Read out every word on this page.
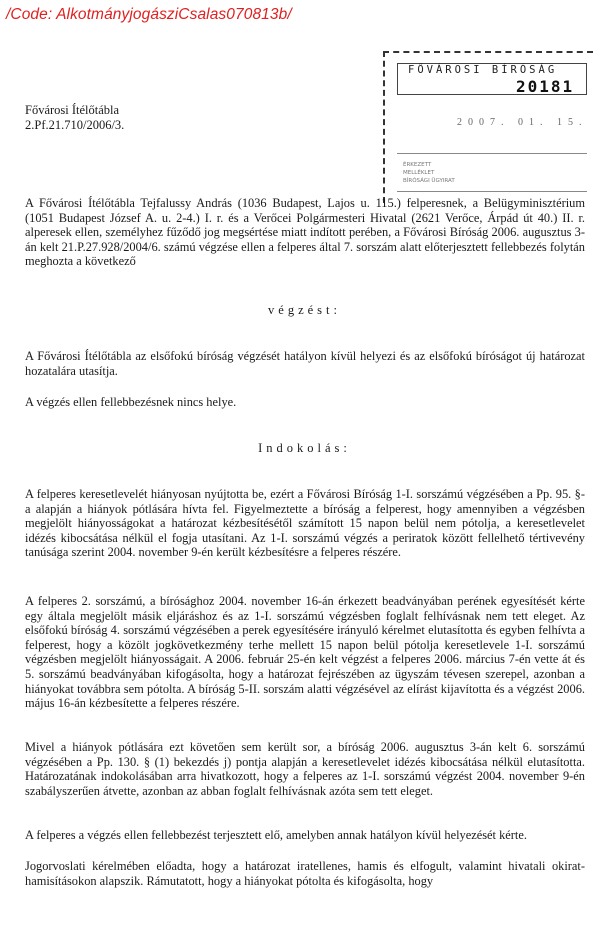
/Code: AlkotmányjogásziCsalas070813b/
FŐVÁROSI BÍRÓSÁG
20181
2007. 01. 15.
ÉRKEZETT
MELLÉKLET
BÍRÓSÁGI ÜGYIRAT
Fővárosi Ítélőtábla
2.Pf.21.710/2006/3.

A Fővárosi Ítélőtábla Tejfalussy András (1036 Budapest, Lajos u. 115.) felperesnek, a Belügyminisztérium (1051 Budapest József A. u. 2-4.) I. r. és a Verőcei Polgármesteri Hivatal (2621 Verőce, Árpád út 40.) II. r. alperesek ellen, személyhez fűződő jog megsértése miatt indított perében, a Fővárosi Bíróság 2006. augusztus 3-án kelt 21.P.27.928/2004/6. számú végzése ellen a felperes által 7. sorszám alatt előterjesztett fellebbezés folytán meghozta a következő

végzést:

A Fővárosi Ítélőtábla az elsőfokú bíróság végzését hatályon kívül helyezi és az elsőfokú bíróságot új határozat hozatalára utasítja.

A végzés ellen fellebbezésnek nincs helye.

Indokolás:

A felperes keresetlevelét hiányosan nyújtotta be, ezért a Fővárosi Bíróság 1-I. sorszámú végzésében a Pp. 95. §-a alapján a hiányok pótlására hívta fel. Figyelmeztette a bíróság a felperest, hogy amennyiben a végzésben megjelölt hiányosságokat a határozat kézbesítésétől számított 15 napon belül nem pótolja, a keresetlevelet idézés kibocsátása nélkül el fogja utasítani. Az 1-I. sorszámú végzés a periratok között fellelhető tértivevény tanúsága szerint 2004. november 9-én került kézbesítésre a felperes részére.

A felperes 2. sorszámú, a bírósághoz 2004. november 16-án érkezett beadványában perének egyesítését kérte egy általa megjelölt másik eljáráshoz és az 1-I. sorszámú végzésben foglalt felhívásnak nem tett eleget. Az elsőfokú bíróság 4. sorszámú végzésében a perek egyesítésére irányuló kérelmet elutasította és egyben felhívta a felperest, hogy a közölt jogkövetkezmény terhe mellett 15 napon belül pótolja keresetlevele 1-I. sorszámú végzésben megjelölt hiányosságait. A 2006. február 25-én kelt végzést a felperes 2006. március 7-én vette át és 5. sorszámú beadványában kifogásolta, hogy a határozat fejrészében az ügyszám tévesen szerepel, azonban a hiányokat továbbra sem pótolta. A bíróság 5-II. sorszám alatti végzésével az elírást kijavította és a végzést 2006. május 16-án kézbesítette a felperes részére.

Mivel a hiányok pótlására ezt követően sem került sor, a bíróság 2006. augusztus 3-án kelt 6. sorszámú végzésében a Pp. 130. § (1) bekezdés j) pontja alapján a keresetlevelet idézés kibocsátása nélkül elutasította. Határozatának indokolásában arra hivatkozott, hogy a felperes az 1-I. sorszámú végzést 2004. november 9-én szabályszerűen átvette, azonban az abban foglalt felhívásnak azóta sem tett eleget.

A felperes a végzés ellen fellebbezést terjesztett elő, amelyben annak hatályon kívül helyezését kérte.

Jogorvoslati kérelmében előadta, hogy a határozat iratellenes, hamis és elfogult, valamint hivatali okirat-hamisításokon alapszik. Rámutatott, hogy a hiányokat pótolta és kifogásolta, hogy
